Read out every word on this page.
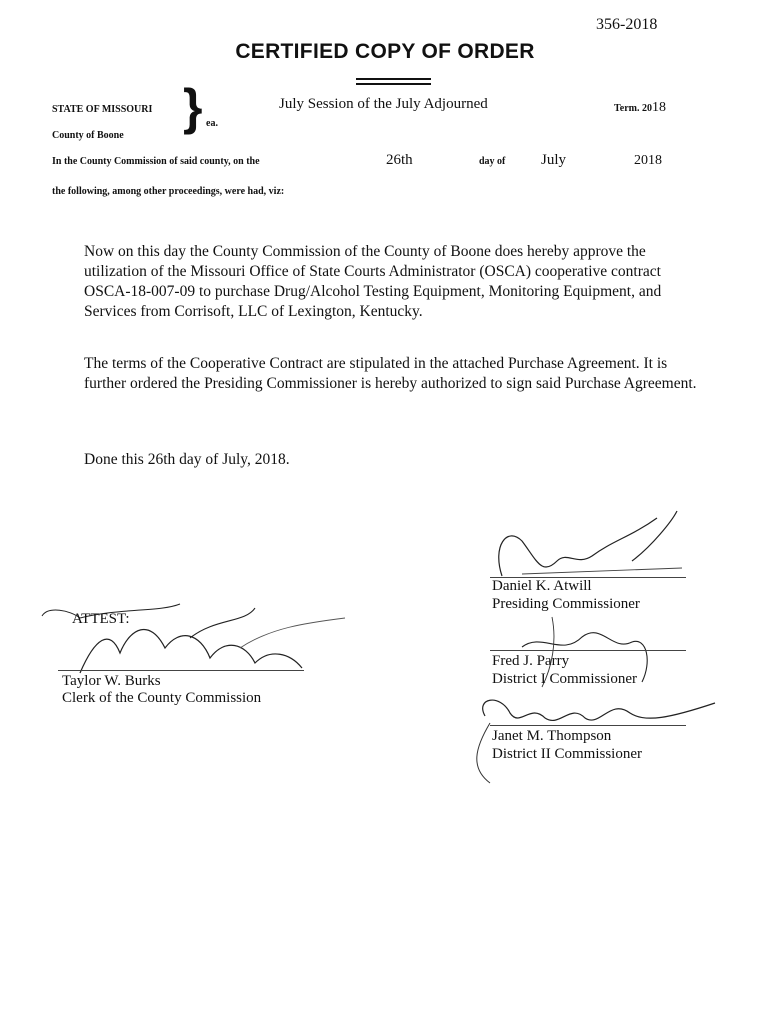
356-2018
CERTIFIED COPY OF ORDER
STATE OF MISSOURI
County of Boone
} ea.
July Session of the July Adjourned	Term. 2018
In the County Commission of said county, on the	26th	day of July	2018
the following, among other proceedings, were had, viz:
Now on this day the County Commission of the County of Boone does hereby approve the utilization of the Missouri Office of State Courts Administrator (OSCA) cooperative contract OSCA-18-007-09 to purchase Drug/Alcohol Testing Equipment, Monitoring Equipment, and Services from Corrisoft, LLC of Lexington, Kentucky.
The terms of the Cooperative Contract are stipulated in the attached Purchase Agreement. It is further ordered the Presiding Commissioner is hereby authorized to sign said Purchase Agreement.
Done this 26th day of July, 2018.
ATTEST:
Taylor W. Burks
Clerk of the County Commission
Daniel K. Atwill
Presiding Commissioner
Fred J. Parry
District I Commissioner
Janet M. Thompson
District II Commissioner
